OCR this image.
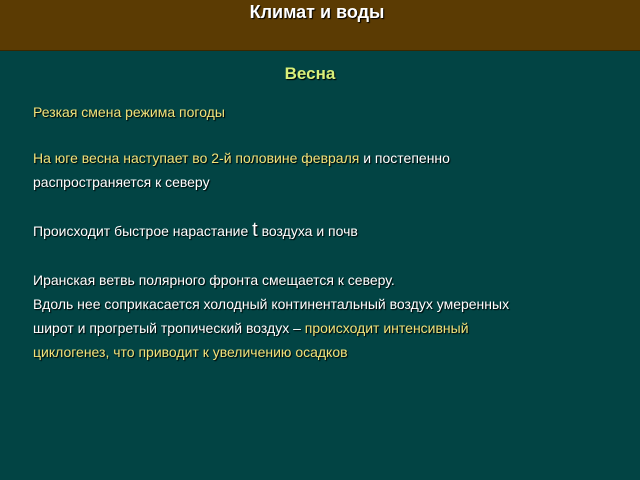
Климат и воды
Весна
Резкая смена режима погоды
На юге весна наступает во 2-й половине февраля и постепенно
распространяется к северу
Происходит быстрое нарастание t воздуха и почв
Иранская ветвь полярного фронта смещается к северу.
Вдоль нее соприкасается холодный континентальный воздух умеренных
широт и прогретый тропический воздух – происходит интенсивный
циклогенез, что приводит к увеличению осадков
